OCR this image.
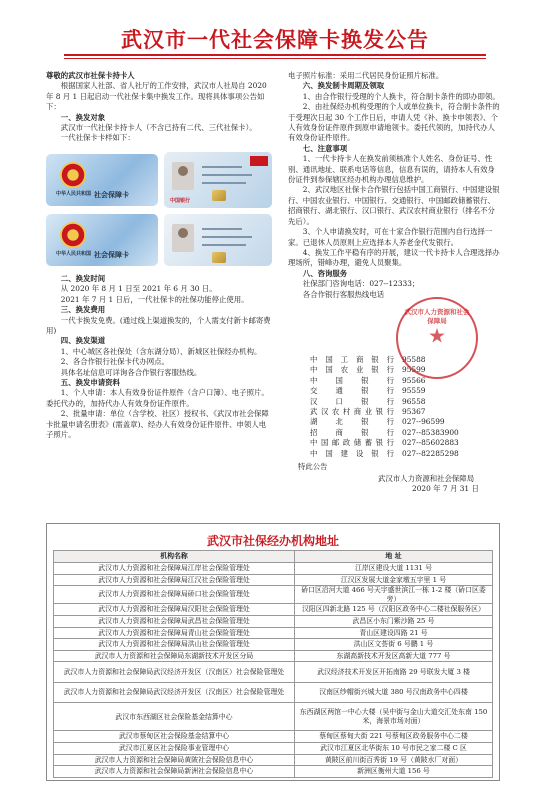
武汉市一代社会保障卡换发公告

尊敬的武汉市社保卡持卡人

根据国家人社部、省人社厅的工作安排，武汉市人社局自 2020 年 8 月 1 日起启动一代社保卡集中换发工作。现将具体事项公告如下：

一、换发对象

武汉市一代社保卡持卡人（不含已持有二代、三代社保卡）。

一代社保卡卡样如下：

中华人民共和国 社会保障卡
中国银行
中华人民共和国 社会保障卡

二、换发时间

从 2020 年 8 月 1 日至 2021 年 6 月 30 日。

2021 年 7 月 1 日后，一代社保卡的社保功能停止使用。

三、换发费用

一代卡换发免费。(通过线上渠道换发的，个人需支付新卡邮寄费用)

四、换发渠道

1、中心城区各社保处（含东湖分局）、新城区社保经办机构。

2、各合作银行社保卡代办网点。

具体名址信息可详询各合作银行客服热线。

五、换发申请资料

1、个人申请：本人有效身份证件原件（含户口簿）、电子照片。委托代办的，加持代办人有效身份证件原件。

2、批量申请：单位（含学校、社区）授权书、《武汉市社会保障卡批量申请名册表》(需盖章)、经办人有效身份证件原件、申领人电子照片。

电子照片标准：采用二代居民身份证照片标准。

六、换发制卡周期及领取

1、由合作银行受理的个人换卡，符合制卡条件的即办即领。

2、由社保经办机构受理的个人或单位换卡，符合制卡条件的于受理次日起 30 个工作日后，申请人凭《补、换卡申领表》、个人有效身份证件原件到原申请地领卡。委托代领的，加持代办人有效身份证件原件。

七、注意事项

1、一代卡持卡人在换发前须核准个人姓名、身份证号、性别、通讯地址、联系电话等信息，信息有误的，请持本人有效身份证件到参保辖区经办机构办理信息维护。

2、武汉地区社保卡合作银行包括中国工商银行、中国建设银行、中国农业银行、中国银行、交通银行、中国邮政储蓄银行、招商银行、湖北银行、汉口银行、武汉农村商业银行（排名不分先后）。

3、个人申请换发时，可在十家合作银行范围内自行选择一家。已退休人员原则上应选择本人养老金代发银行。

4、换发工作平稳有序的开展，建议一代卡持卡人合理选择办理场所，错峰办理，避免人员聚集。

八、咨询服务

社保部门咨询电话：027--12333；

各合作银行客服热线电话

中国工商银行 95588
中国农业银行 95599
中国银行 95566
交通银行 95559
汉口银行 96558
武汉农村商业银行 95367
湖北银行 027--96599
招商银行 027--85383900
中国邮政储蓄银行 027--85602883
中国建设银行 027--82285298
武汉市人力资源和社会保障局
特此公告
武汉市人力资源和社会保障局
2020 年 7 月 31 日
武汉市社保经办机构地址
机构名称	地 址
武汉市人力资源和社会保障局江岸社会保险管理处	江岸区建设大道 1131 号
武汉市人力资源和社会保障局江汉社会保险管理处	江汉区发展大道金家墩五宇里 1 号
武汉市人力资源和社会保障局硚口社会保险管理处	硚口区沿河大道 466 号天宇盛世滨江一栋 1-2 楼（硚口区委旁）
武汉市人力资源和社会保障局汉阳社会保险管理处	汉阳区四新北路 125 号（汉阳区政务中心二楼社保服务区）
武汉市人力资源和社会保障局武昌社会保险管理处	武昌区小东门紫沙路 25 号
武汉市人力资源和社会保障局青山社会保险管理处	青山区建设四路 21 号
武汉市人力资源和社会保障局洪山社会保险管理处	洪山区文荟街 6 号鹏 1 号
武汉市人力资源和社会保障局东湖新技术开发区分局	东湖高新技术开发区高新大道 777 号
武汉市人力资源和社会保障局武汉经济开发区（汉南区）社会保险管理处	武汉经济技术开发区开拓南路 29 号联发大厦 3 楼
武汉市人力资源和社会保障局武汉经济开发区（汉南区）社会保险管理处	汉南区纱帽街兴城大道 380 号汉南政务中心四楼
武汉市东西湖区社会保险基金结算中心	东西湖区两馆一中心大楼（吴中街与金山大道交汇处东南 150 米，海景市场对面）
武汉市蔡甸区社会保险基金结算中心	蔡甸区蔡甸大街 221 号蔡甸区政务服务中心二楼
武汉市江夏区社会保险事业管理中心	武汉市江夏区北华街东 10 号市民之家二楼 C 区
武汉市人力资源和社会保障局黄陂社会保险信息中心	黄陂区前川街百秀街 19 号（黄陂水厂对面）
武汉市人力资源和社会保障局新洲社会保险信息中心	新洲区衡州大道 156 号
